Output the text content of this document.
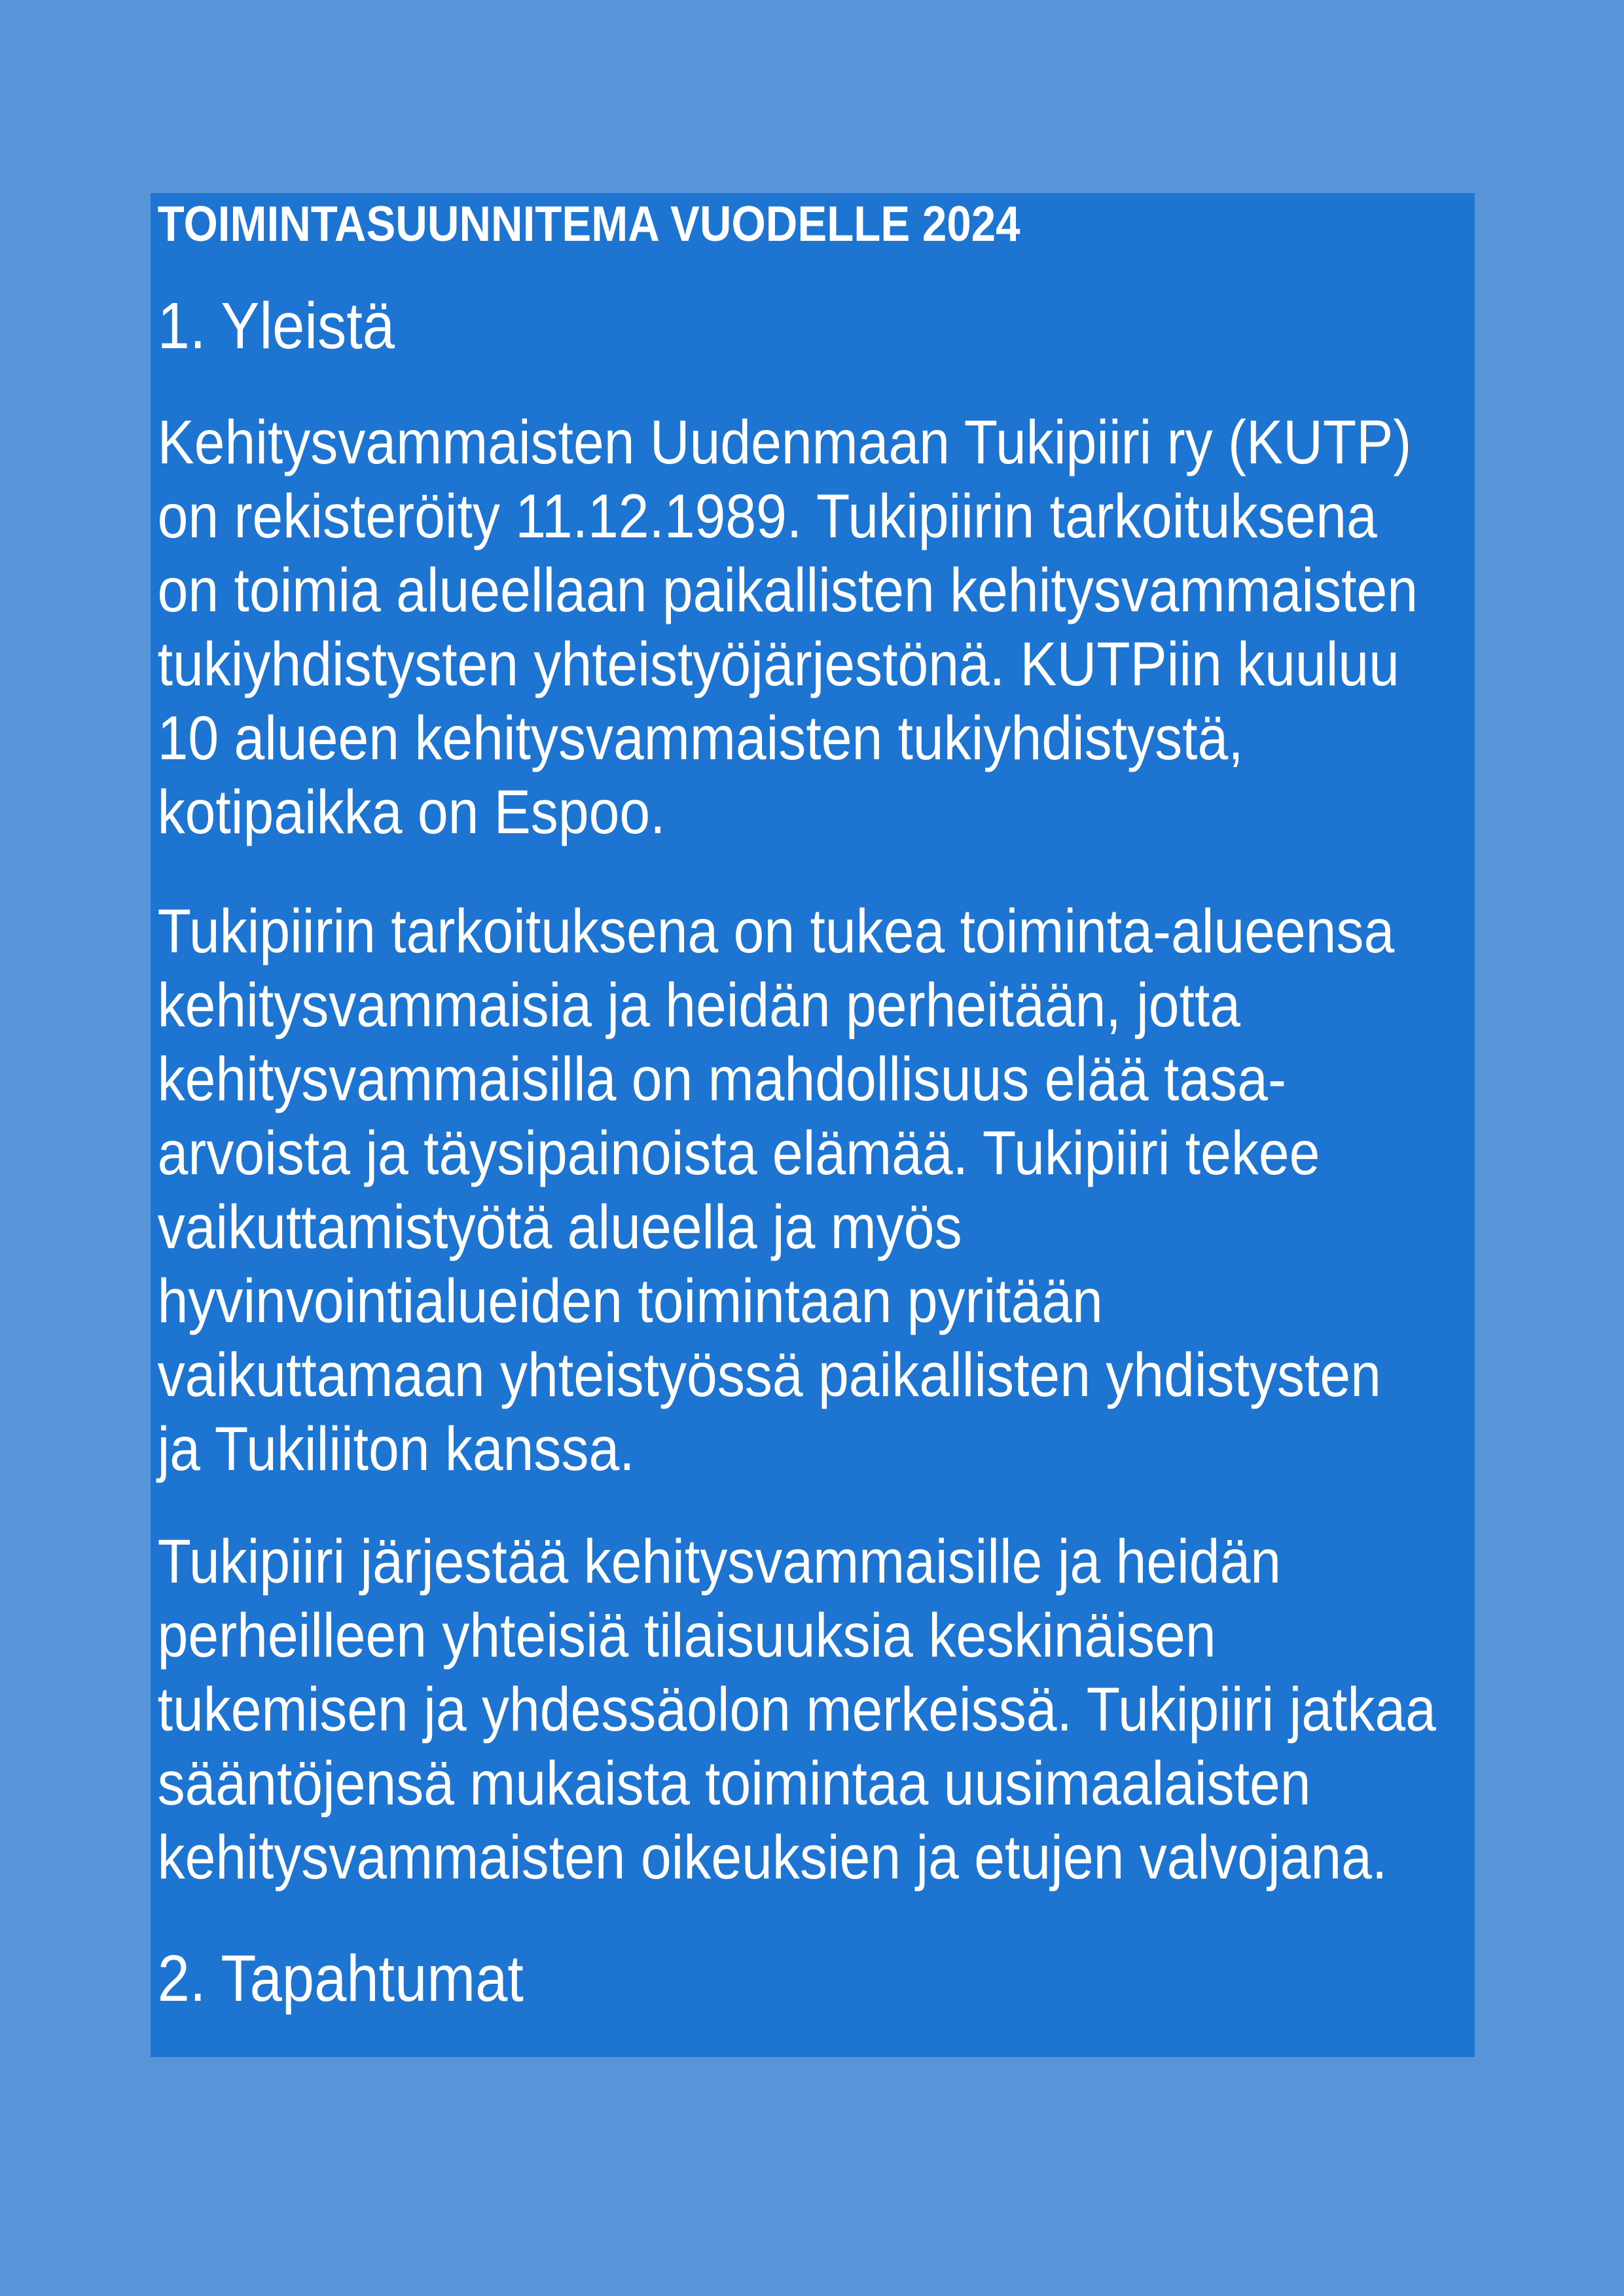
TOIMINTASUUNNITEMA VUODELLE 2024
1. Yleistä
Kehitysvammaisten Uudenmaan Tukipiiri ry (KUTP)
on rekisteröity 11.12.1989. Tukipiirin tarkoituksena
on toimia alueellaan paikallisten kehitysvammaisten
tukiyhdistysten yhteistyöjärjestönä. KUTPiin kuuluu
10 alueen kehitysvammaisten tukiyhdistystä,
kotipaikka on Espoo.
Tukipiirin tarkoituksena on tukea toiminta-alueensa
kehitysvammaisia ja heidän perheitään, jotta
kehitysvammaisilla on mahdollisuus elää tasa-
arvoista ja täysipainoista elämää. Tukipiiri tekee
vaikuttamistyötä alueella ja myös
hyvinvointialueiden toimintaan pyritään
vaikuttamaan yhteistyössä paikallisten yhdistysten
ja Tukiliiton kanssa.
Tukipiiri järjestää kehitysvammaisille ja heidän
perheilleen yhteisiä tilaisuuksia keskinäisen
tukemisen ja yhdessäolon merkeissä. Tukipiiri jatkaa
sääntöjensä mukaista toimintaa uusimaalaisten
kehitysvammaisten oikeuksien ja etujen valvojana.
2. Tapahtumat
